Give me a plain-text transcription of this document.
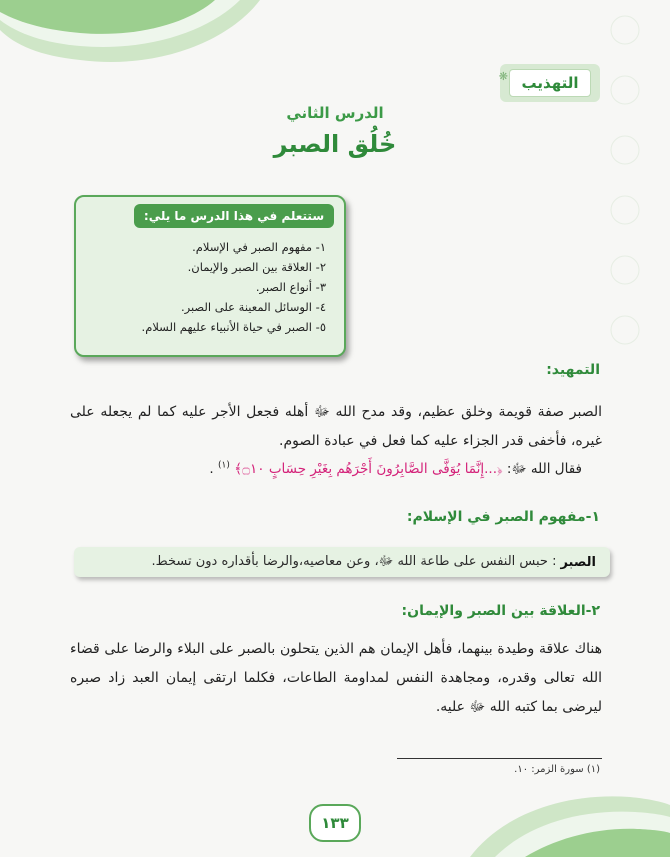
التهذيب
❋
الدرس الثاني
خُلُق الصبر
ستتعلم في هذا الدرس ما يلي:
١- مفهوم الصبر في الإسلام.
٢- العلاقة بين الصبر والإيمان.
٣- أنواع الصبر.
٤- الوسائل المعينة على الصبر.
٥- الصبر في حياة الأنبياء عليهم السلام.
التمهيد:
الصبر صفة قويمة وخلق عظيم، وقد مدح الله ﷻ أهله فجعل الأجر عليه كما لم يجعله على غيره، فأخفى قدر الجزاء عليه كما فعل في عبادة الصوم.
فقال الله ﷻ: ﴿...إِنَّمَا يُوَفَّى الصَّابِرُونَ أَجْرَهُم بِغَيْرِ حِسَابٍ ۝١٠﴾ $^{(١)}$ .
١-مفهوم الصبر في الإسلام:
الصبر
: حبس النفس على طاعة الله ﷻ، وعن معاصيه،والرضا بأقداره دون تسخط.
٢-العلاقة بين الصبر والإيمان:
هناك علاقة وطيدة بينهما، فأهل الإيمان هم الذين يتحلون بالصبر على البلاء والرضا على قضاء الله تعالى وقدره، ومجاهدة النفس لمداومة الطاعات، فكلما ارتقى إيمان العبد زاد صبره ليرضى بما كتبه الله ﷻ عليه.
(١) سورة الزمر: ١٠.
١٣٣
